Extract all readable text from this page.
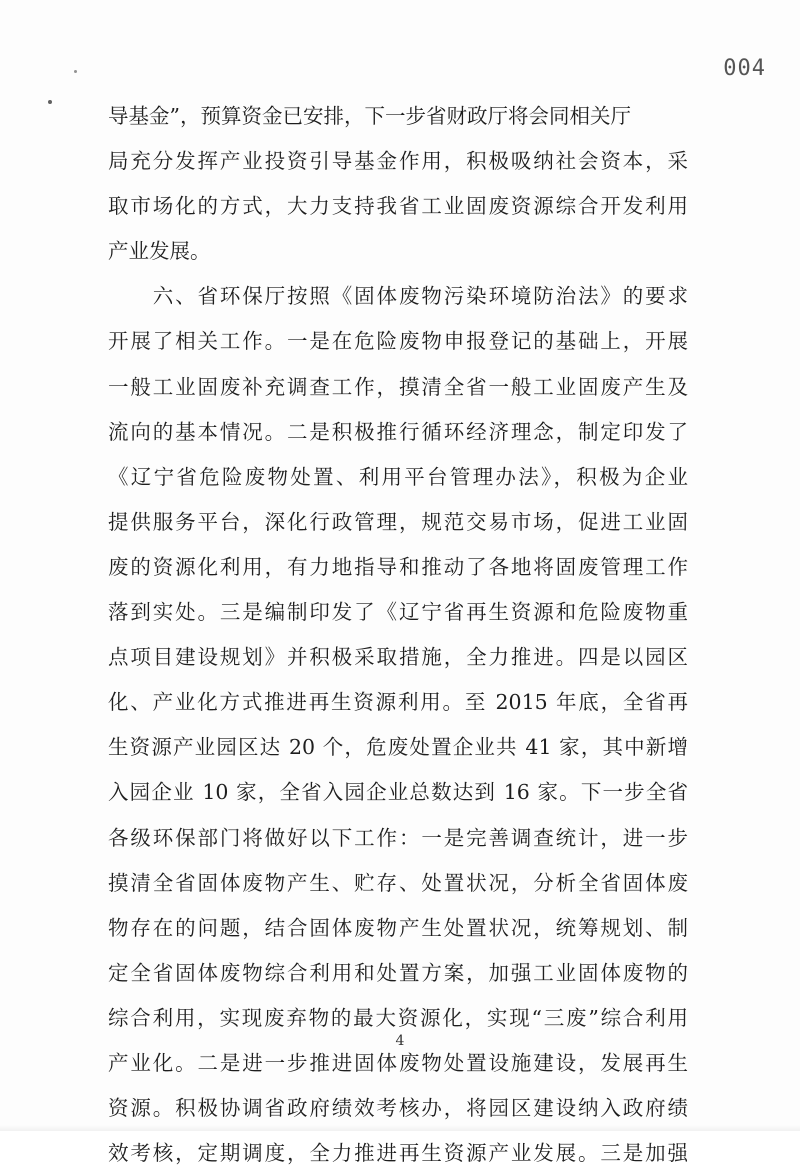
004
导基金”，预算资金已安排，下一步省财政厅将会同相关厅
局充分发挥产业投资引导基金作用，积极吸纳社会资本，采
取市场化的方式，大力支持我省工业固废资源综合开发利用
产业发展。
　　六、省环保厅按照《固体废物污染环境防治法》的要求
开展了相关工作。一是在危险废物申报登记的基础上，开展
一般工业固废补充调查工作，摸清全省一般工业固废产生及
流向的基本情况。二是积极推行循环经济理念，制定印发了
《辽宁省危险废物处置、利用平台管理办法》，积极为企业
提供服务平台，深化行政管理，规范交易市场，促进工业固
废的资源化利用，有力地指导和推动了各地将固废管理工作
落到实处。三是编制印发了《辽宁省再生资源和危险废物重
点项目建设规划》并积极采取措施，全力推进。四是以园区
化、产业化方式推进再生资源利用。至 2015 年底，全省再
生资源产业园区达 20 个，危废处置企业共 41 家，其中新增
入园企业 10 家，全省入园企业总数达到 16 家。下一步全省
各级环保部门将做好以下工作：一是完善调查统计，进一步
摸清全省固体废物产生、贮存、处置状况，分析全省固体废
物存在的问题，结合固体废物产生处置状况，统筹规划、制
定全省固体废物综合利用和处置方案，加强工业固体废物的
综合利用，实现废弃物的最大资源化，实现“三废”综合利用
产业化。二是进一步推进固体废物处置设施建设，发展再生
资源。积极协调省政府绩效考核办，将园区建设纳入政府绩
效考核，定期调度，全力推进再生资源产业发展。三是加强
4
